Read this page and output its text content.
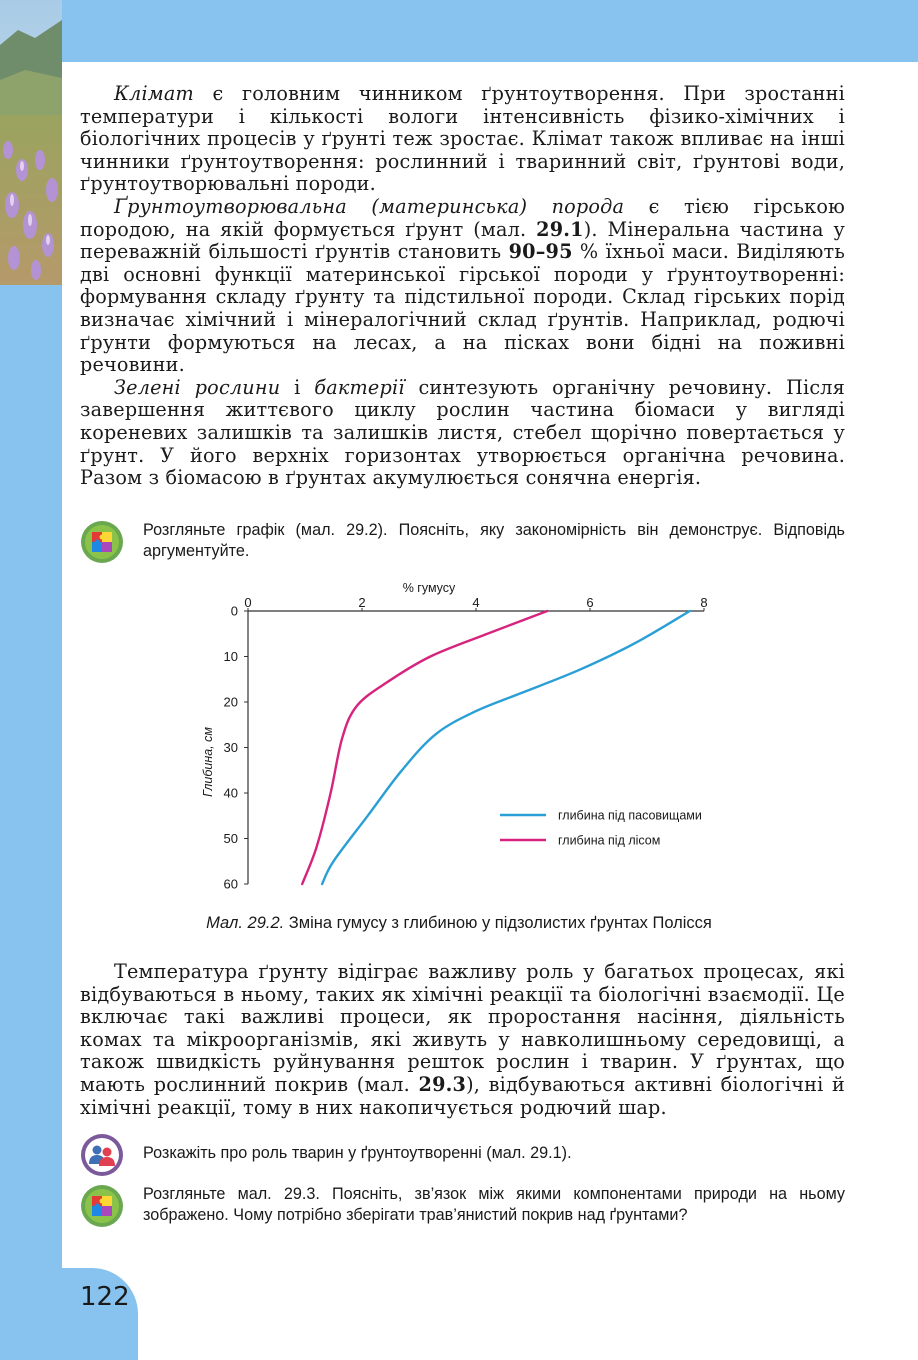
Клімат є головним чинником ґрунтоутворення. При зростанні температури і кількості вологи інтенсивність фізико-хімічних і біологічних процесів у ґрунті теж зростає. Клімат також впливає на інші чинники ґрунтоутворення: рослинний і тваринний світ, ґрунтові води, ґрунтоутворювальні породи.

Ґрунтоутворювальна (материнська) порода є тією гірською породою, на якій формується ґрунт (мал. 29.1). Мінеральна частина у переважній більшості ґрунтів становить 90–95 % їхньої маси. Виділяють дві основні функції материнської гірської породи у ґрунтоутворенні: формування складу ґрунту та підстильної породи. Склад гірських порід визначає хімічний і мінералогічний склад ґрунтів. Наприклад, родючі ґрунти формуються на лесах, а на пісках вони бідні на поживні речовини.

Зелені рослини і бактерії синтезують органічну речовину. Після завершення життєвого циклу рослин частина біомаси у вигляді кореневих залишків та залишків листя, стебел щорічно повертається у ґрунт. У його верхніх горизонтах утворюється органічна речовина. Разом з біомасою в ґрунтах акумулюється сонячна енергія.

Розгляньте графік (мал. 29.2). Поясніть, яку закономірність він демонструє. Відповідь аргументуйте.
% гумусу
Глибина, см
0	2	4	6	8
0
10
20
30
40
50
60
глибина під пасовищами
глибина під лісом
Мал. 29.2. Зміна гумусу з глибиною у підзолистих ґрунтах Полісся

Температура ґрунту відіграє важливу роль у багатьох процесах, які відбуваються в ньому, таких як хімічні реакції та біологічні взаємодії. Це включає такі важливі процеси, як проростання насіння, діяльність комах та мікроорганізмів, які живуть у навколишньому середовищі, а також швидкість руйнування решток рослин і тварин. У ґрунтах, що мають рослинний покрив (мал. 29.3), відбуваються активні біологічні й хімічні реакції, тому в них накопичується родючий шар.

Розкажіть про роль тварин у ґрунтоутворенні (мал. 29.1).
Розгляньте мал. 29.3. Поясніть, зв’язок між якими компонентами природи на ньому зображено. Чому потрібно зберігати трав’янистий покрив над ґрунтами?
122
